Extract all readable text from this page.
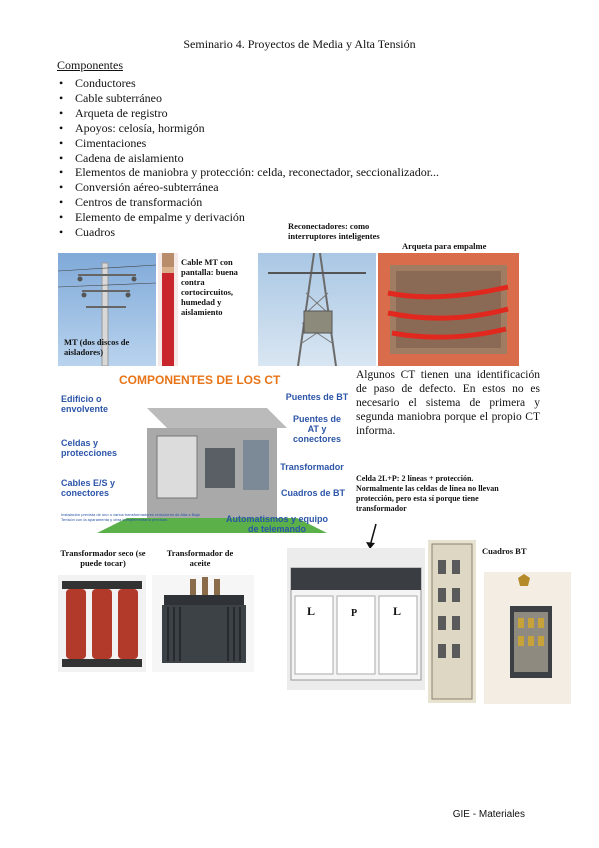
Seminario 4. Proyectos de Media y Alta Tensión
Componentes
• Conductores
• Cable subterráneo
• Arqueta de registro
• Apoyos: celosía, hormigón
• Cimentaciones
• Cadena de aislamiento
• Elementos de maniobra y protección: celda, reconectador, seccionalizador...
• Conversión aéreo-subterránea
• Centros de transformación
• Elemento de empalme y derivación
• Cuadros
MT (dos discos de aisladores)
Cable MT con pantalla: buena contra cortocircuitos, humedad y aislamiento
Reconectadores: como interruptores inteligentes
Arqueta para empalme
COMPONENTES DE LOS CT
Edificio o envolvente
Puentes de BT
Puentes de AT y conectores
Celdas y protecciones
Transformador
Cables E/S y conectores	Cuadros de BT
Automatismos y equipo de telemando
Instalación prevista de uno o varios transformadores reductores de Alta a Baja Tensión con la aparamenta y obra complementaria precisas.
Algunos CT tienen una identificación de paso de defecto. En estos no es necesario el sistema de primera y segunda maniobra porque el propio CT informa.
Celda 2L+P: 2 líneas + protección. Normalmente las celdas de línea no llevan protección, pero esta sí porque tiene transformador
Transformador seco (se puede tocar)
Transformador de aceite
Cuadros BT
L	P	L
GIE - Materiales
